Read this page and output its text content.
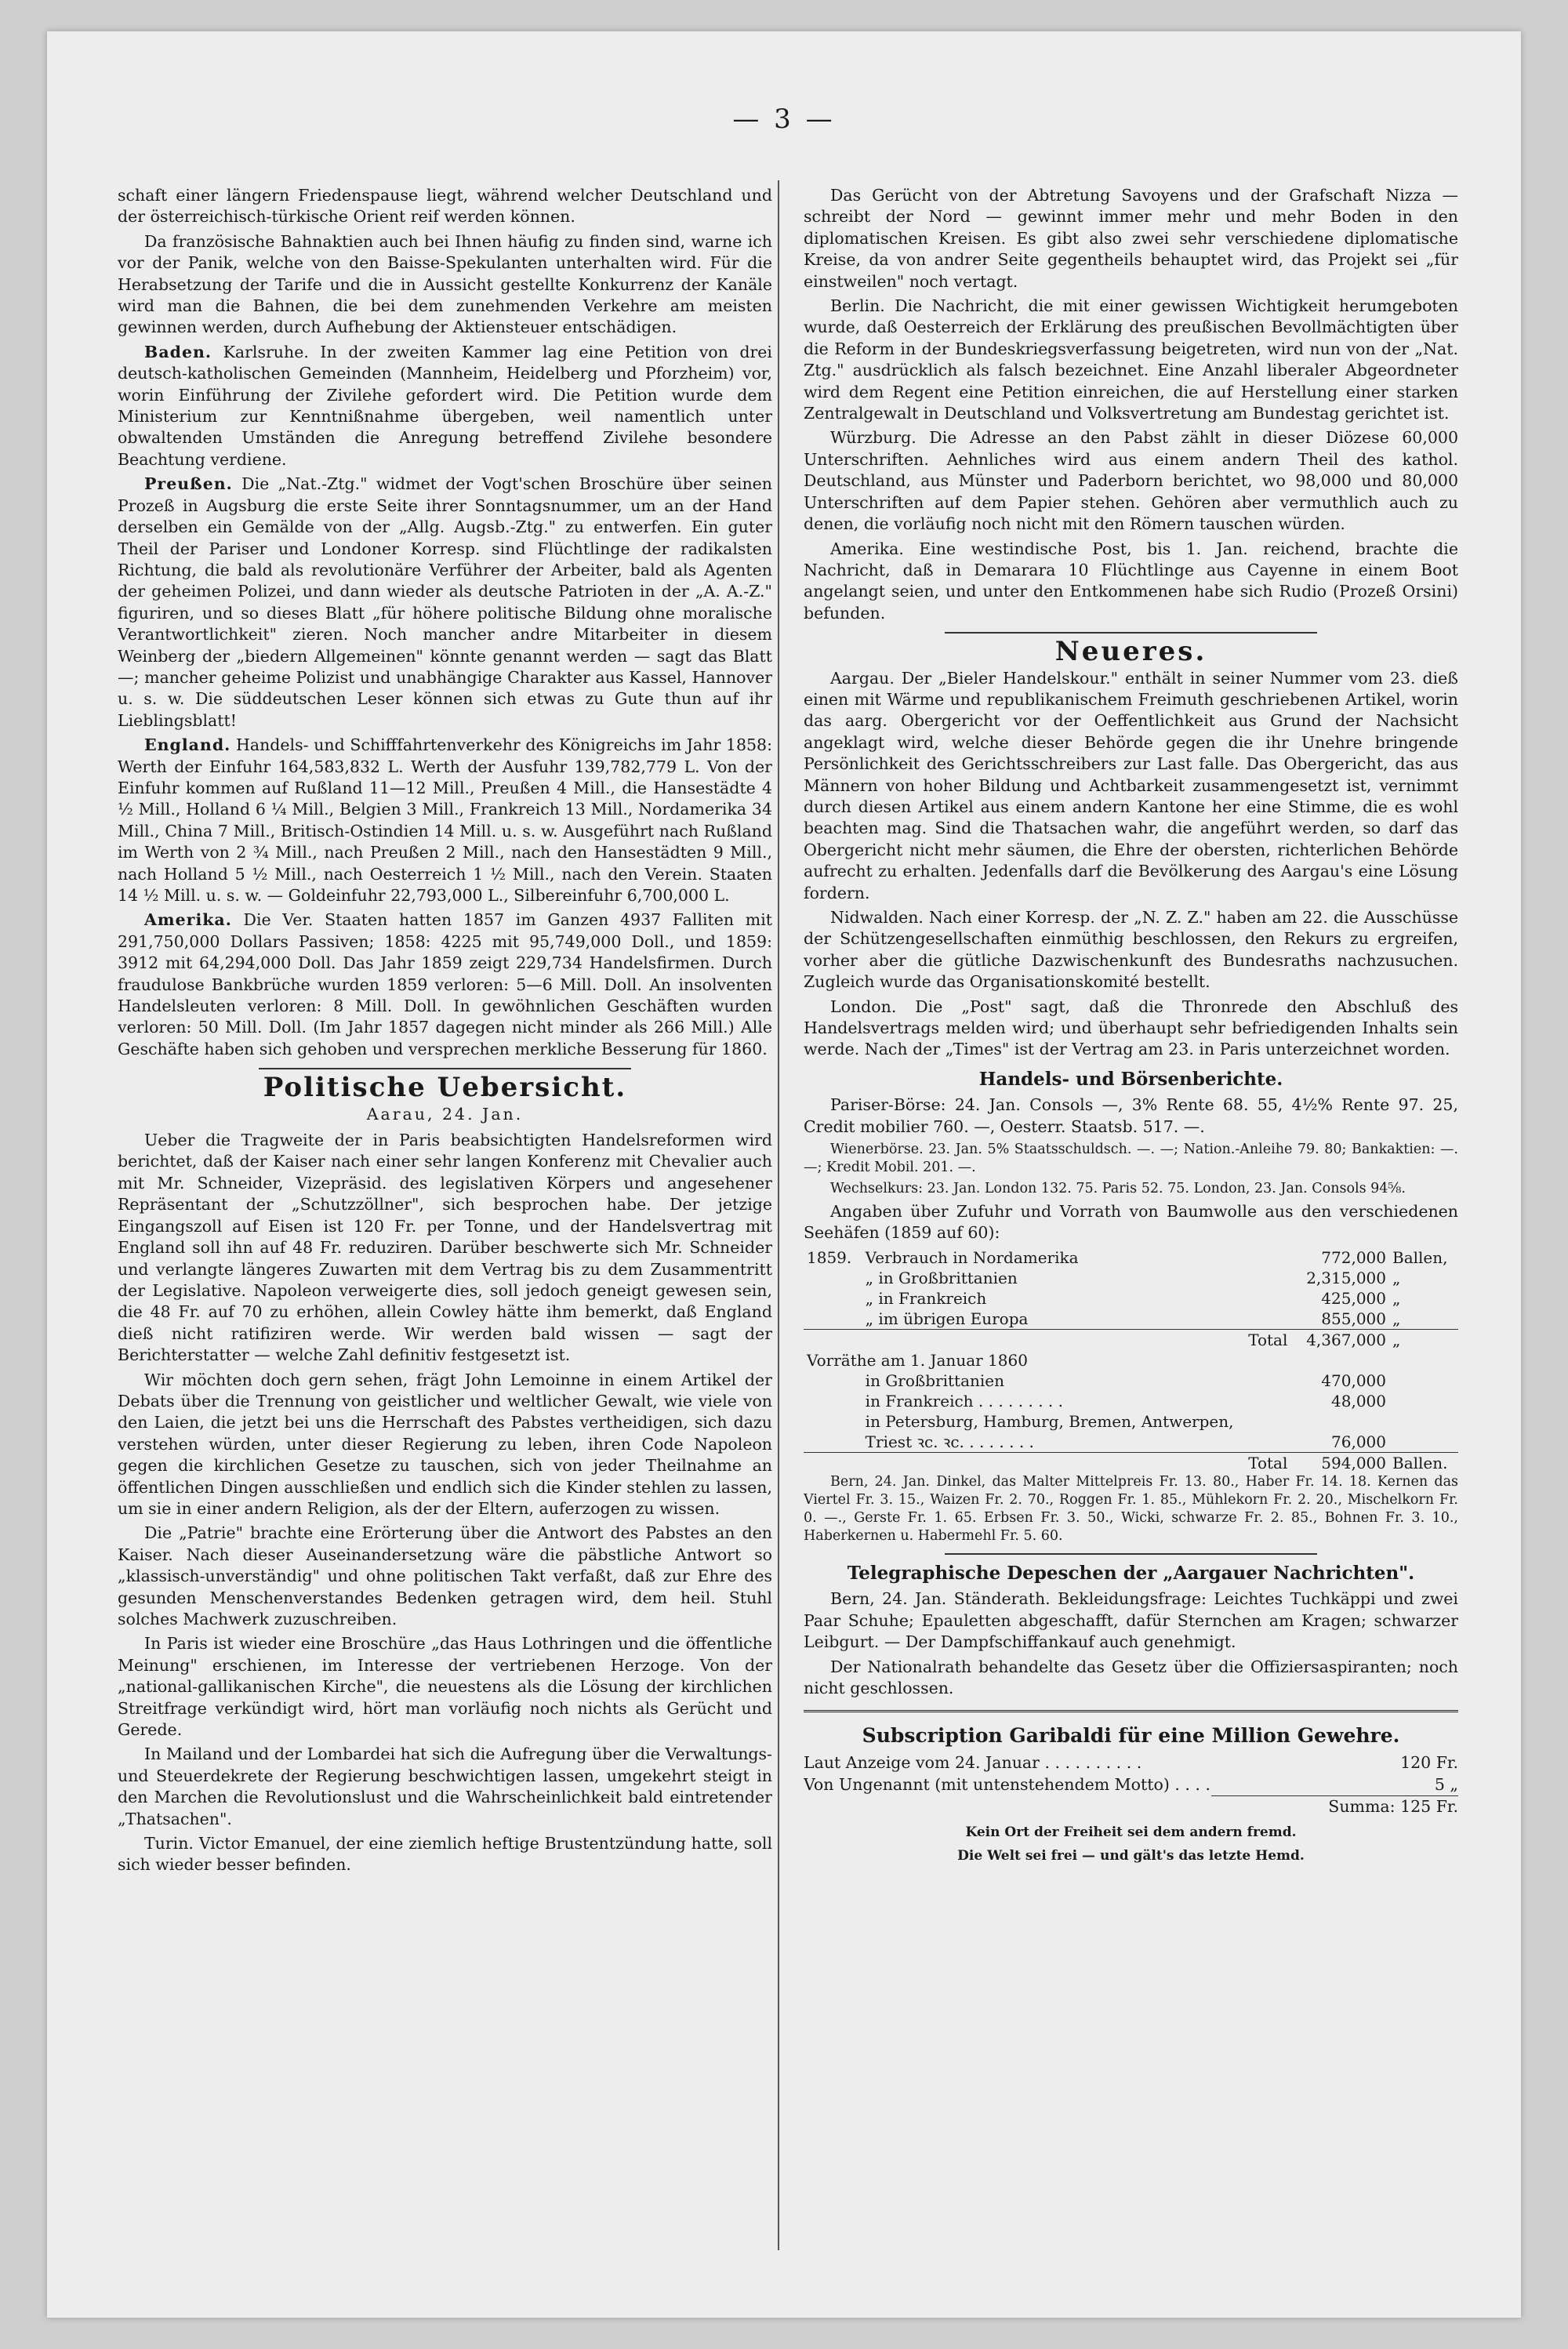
— 3 —

schaft einer längern Friedenspause liegt, während welcher Deutschland und der österreichisch-türkische Orient reif werden können.

Da französische Bahnaktien auch bei Ihnen häufig zu finden sind, warne ich vor der Panik, welche von den Baisse-Spekulanten unterhalten wird. Für die Herabsetzung der Tarife und die in Aussicht gestellte Konkurrenz der Kanäle wird man die Bahnen, die bei dem zunehmenden Verkehre am meisten gewinnen werden, durch Aufhebung der Aktiensteuer entschädigen.

Baden. Karlsruhe. In der zweiten Kammer lag eine Petition von drei deutsch-katholischen Gemeinden (Mannheim, Heidelberg und Pforzheim) vor, worin Einführung der Zivilehe gefordert wird. Die Petition wurde dem Ministerium zur Kenntnißnahme übergeben, weil namentlich unter obwaltenden Umständen die Anregung betreffend Zivilehe besondere Beachtung verdiene.

Preußen. Die „Nat.-Ztg." widmet der Vogt'schen Broschüre über seinen Prozeß in Augsburg die erste Seite ihrer Sonntagsnummer, um an der Hand derselben ein Gemälde von der „Allg. Augsb.-Ztg." zu entwerfen. Ein guter Theil der Pariser und Londoner Korresp. sind Flüchtlinge der radikalsten Richtung, die bald als revolutionäre Verführer der Arbeiter, bald als Agenten der geheimen Polizei, und dann wieder als deutsche Patrioten in der „A. A.-Z." figuriren, und so dieses Blatt „für höhere politische Bildung ohne moralische Verantwortlichkeit" zieren. Noch mancher andre Mitarbeiter in diesem Weinberg der „biedern Allgemeinen" könnte genannt werden — sagt das Blatt —; mancher geheime Polizist und unabhängige Charakter aus Kassel, Hannover u. s. w. Die süddeutschen Leser können sich etwas zu Gute thun auf ihr Lieblingsblatt!

England. Handels- und Schifffahrtenverkehr des Königreichs im Jahr 1858: Werth der Einfuhr 164,583,832 L. Werth der Ausfuhr 139,782,779 L. Von der Einfuhr kommen auf Rußland 11—12 Mill., Preußen 4 Mill., die Hansestädte 4 ½ Mill., Holland 6 ¼ Mill., Belgien 3 Mill., Frankreich 13 Mill., Nordamerika 34 Mill., China 7 Mill., Britisch-Ostindien 14 Mill. u. s. w. Ausgeführt nach Rußland im Werth von 2 ¾ Mill., nach Preußen 2 Mill., nach den Hansestädten 9 Mill., nach Holland 5 ½ Mill., nach Oesterreich 1 ½ Mill., nach den Verein. Staaten 14 ½ Mill. u. s. w. — Goldeinfuhr 22,793,000 L., Silbereinfuhr 6,700,000 L.

Amerika. Die Ver. Staaten hatten 1857 im Ganzen 4937 Falliten mit 291,750,000 Dollars Passiven; 1858: 4225 mit 95,749,000 Doll., und 1859: 3912 mit 64,294,000 Doll. Das Jahr 1859 zeigt 229,734 Handelsfirmen. Durch fraudulose Bankbrüche wurden 1859 verloren: 5—6 Mill. Doll. An insolventen Handelsleuten verloren: 8 Mill. Doll. In gewöhnlichen Geschäften wurden verloren: 50 Mill. Doll. (Im Jahr 1857 dagegen nicht minder als 266 Mill.) Alle Geschäfte haben sich gehoben und versprechen merkliche Besserung für 1860.

Politische Uebersicht.
Aarau, 24. Jan.

Ueber die Tragweite der in Paris beabsichtigten Handelsreformen wird berichtet, daß der Kaiser nach einer sehr langen Konferenz mit Chevalier auch mit Mr. Schneider, Vizepräsid. des legislativen Körpers und angesehener Repräsentant der „Schutzzöllner", sich besprochen habe. Der jetzige Eingangszoll auf Eisen ist 120 Fr. per Tonne, und der Handelsvertrag mit England soll ihn auf 48 Fr. reduziren. Darüber beschwerte sich Mr. Schneider und verlangte längeres Zuwarten mit dem Vertrag bis zu dem Zusammentritt der Legislative. Napoleon verweigerte dies, soll jedoch geneigt gewesen sein, die 48 Fr. auf 70 zu erhöhen, allein Cowley hätte ihm bemerkt, daß England dieß nicht ratifiziren werde. Wir werden bald wissen — sagt der Berichterstatter — welche Zahl definitiv festgesetzt ist.

Wir möchten doch gern sehen, frägt John Lemoinne in einem Artikel der Debats über die Trennung von geistlicher und weltlicher Gewalt, wie viele von den Laien, die jetzt bei uns die Herrschaft des Pabstes vertheidigen, sich dazu verstehen würden, unter dieser Regierung zu leben, ihren Code Napoleon gegen die kirchlichen Gesetze zu tauschen, sich von jeder Theilnahme an öffentlichen Dingen ausschließen und endlich sich die Kinder stehlen zu lassen, um sie in einer andern Religion, als der der Eltern, auferzogen zu wissen.

Die „Patrie" brachte eine Erörterung über die Antwort des Pabstes an den Kaiser. Nach dieser Auseinandersetzung wäre die päbstliche Antwort so „klassisch-unverständig" und ohne politischen Takt verfaßt, daß zur Ehre des gesunden Menschenverstandes Bedenken getragen wird, dem heil. Stuhl solches Machwerk zuzuschreiben.

In Paris ist wieder eine Broschüre „das Haus Lothringen und die öffentliche Meinung" erschienen, im Interesse der vertriebenen Herzoge. Von der „national-gallikanischen Kirche", die neuestens als die Lösung der kirchlichen Streitfrage verkündigt wird, hört man vorläufig noch nichts als Gerücht und Gerede.

In Mailand und der Lombardei hat sich die Aufregung über die Verwaltungs- und Steuerdekrete der Regierung beschwichtigen lassen, umgekehrt steigt in den Marchen die Revolutionslust und die Wahrscheinlichkeit bald eintretender „Thatsachen".

Turin. Victor Emanuel, der eine ziemlich heftige Brustentzündung hatte, soll sich wieder besser befinden.

Das Gerücht von der Abtretung Savoyens und der Grafschaft Nizza — schreibt der Nord — gewinnt immer mehr und mehr Boden in den diplomatischen Kreisen. Es gibt also zwei sehr verschiedene diplomatische Kreise, da von andrer Seite gegentheils behauptet wird, das Projekt sei „für einstweilen" noch vertagt.

Berlin. Die Nachricht, die mit einer gewissen Wichtigkeit herumgeboten wurde, daß Oesterreich der Erklärung des preußischen Bevollmächtigten über die Reform in der Bundeskriegsverfassung beigetreten, wird nun von der „Nat. Ztg." ausdrücklich als falsch bezeichnet. Eine Anzahl liberaler Abgeordneter wird dem Regent eine Petition einreichen, die auf Herstellung einer starken Zentralgewalt in Deutschland und Volksvertretung am Bundestag gerichtet ist.

Würzburg. Die Adresse an den Pabst zählt in dieser Diözese 60,000 Unterschriften. Aehnliches wird aus einem andern Theil des kathol. Deutschland, aus Münster und Paderborn berichtet, wo 98,000 und 80,000 Unterschriften auf dem Papier stehen. Gehören aber vermuthlich auch zu denen, die vorläufig noch nicht mit den Römern tauschen würden.

Amerika. Eine westindische Post, bis 1. Jan. reichend, brachte die Nachricht, daß in Demarara 10 Flüchtlinge aus Cayenne in einem Boot angelangt seien, und unter den Entkommenen habe sich Rudio (Prozeß Orsini) befunden.

Neueres.

Aargau. Der „Bieler Handelskour." enthält in seiner Nummer vom 23. dieß einen mit Wärme und republikanischem Freimuth geschriebenen Artikel, worin das aarg. Obergericht vor der Oeffentlichkeit aus Grund der Nachsicht angeklagt wird, welche dieser Behörde gegen die ihr Unehre bringende Persönlichkeit des Gerichtsschreibers zur Last falle. Das Obergericht, das aus Männern von hoher Bildung und Achtbarkeit zusammengesetzt ist, vernimmt durch diesen Artikel aus einem andern Kantone her eine Stimme, die es wohl beachten mag. Sind die Thatsachen wahr, die angeführt werden, so darf das Obergericht nicht mehr säumen, die Ehre der obersten, richterlichen Behörde aufrecht zu erhalten. Jedenfalls darf die Bevölkerung des Aargau's eine Lösung fordern.

Nidwalden. Nach einer Korresp. der „N. Z. Z." haben am 22. die Ausschüsse der Schützengesellschaften einmüthig beschlossen, den Rekurs zu ergreifen, vorher aber die gütliche Dazwischenkunft des Bundesraths nachzusuchen. Zugleich wurde das Organisationskomité bestellt.

London. Die „Post" sagt, daß die Thronrede den Abschluß des Handelsvertrags melden wird; und überhaupt sehr befriedigenden Inhalts sein werde. Nach der „Times" ist der Vertrag am 23. in Paris unterzeichnet worden.

Handels- und Börsenberichte.

Pariser-Börse: 24. Jan. Consols —, 3% Rente 68. 55, 4½% Rente 97. 25, Credit mobilier 760. —, Oesterr. Staatsb. 517. —.

Wienerbörse. 23. Jan. 5% Staatsschuldsch. —. —; Nation.-Anleihe 79. 80; Bankaktien: —. —; Kredit Mobil. 201. —.

Wechselkurs: 23. Jan. London 132. 75. Paris 52. 75. London, 23. Jan. Consols 94⅝.

Angaben über Zufuhr und Vorrath von Baumwolle aus den verschiedenen Seehäfen (1859 auf 60):

1859.	Verbrauch in Nordamerika	772,000	Ballen,
	„ in Großbrittanien	2,315,000	„
	„ in Frankreich	425,000	„
	„ im übrigen Europa	855,000	„
	Total	4,367,000	„
Vorräthe am 1. Januar 1860			
	in Großbrittanien	470,000	
	in Frankreich . . . . . . . . .	48,000	
	in Petersburg, Hamburg, Bremen, Antwerpen,		
	Triest ꝛc. ꝛc. . . . . . . .	76,000	
	Total	594,000	Ballen.

Bern, 24. Jan. Dinkel, das Malter Mittelpreis Fr. 13. 80., Haber Fr. 14. 18. Kernen das Viertel Fr. 3. 15., Waizen Fr. 2. 70., Roggen Fr. 1. 85., Mühlekorn Fr. 2. 20., Mischelkorn Fr. 0. —., Gerste Fr. 1. 65. Erbsen Fr. 3. 50., Wicki, schwarze Fr. 2. 85., Bohnen Fr. 3. 10., Haberkernen u. Habermehl Fr. 5. 60.

Telegraphische Depeschen der „Aargauer Nachrichten".

Bern, 24. Jan. Ständerath. Bekleidungsfrage: Leichtes Tuchkäppi und zwei Paar Schuhe; Epauletten abgeschafft, dafür Sternchen am Kragen; schwarzer Leibgurt. — Der Dampfschiffankauf auch genehmigt.

Der Nationalrath behandelte das Gesetz über die Offiziersaspiranten; noch nicht geschlossen.

Subscription Garibaldi für eine Million Gewehre.
Laut Anzeige vom 24. Januar . . . . . . . . . .	120 Fr.
Von Ungenannt (mit untenstehendem Motto) . . . .	5 „
Summa: 125 Fr.
Kein Ort der Freiheit sei dem andern fremd.
Die Welt sei frei — und gält's das letzte Hemd.
